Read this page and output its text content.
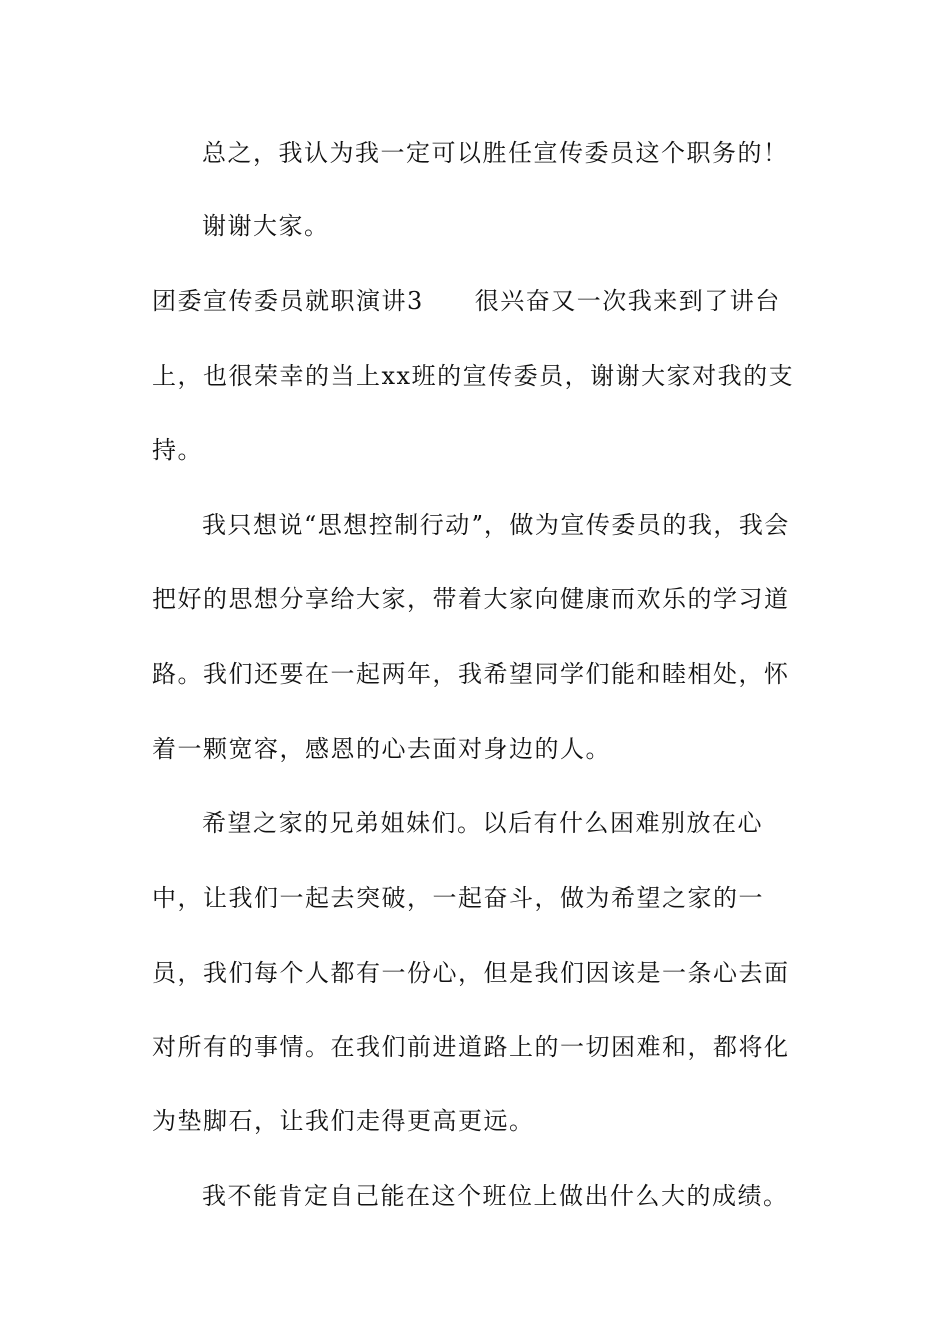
总之，我认为我一定可以胜任宣传委员这个职务的！
谢谢大家。
团委宣传委员就职演讲3　　很兴奋又一次我来到了讲台
上，也很荣幸的当上xx班的宣传委员，谢谢大家对我的支
持。
我只想说“思想控制行动ˮ，做为宣传委员的我，我会
把好的思想分享给大家，带着大家向健康而欢乐的学习道
路。我们还要在一起两年，我希望同学们能和睦相处，怀
着一颗宽容，感恩的心去面对身边的人。
希望之家的兄弟姐妹们。以后有什么困难别放在心
中，让我们一起去突破，一起奋斗，做为希望之家的一
员，我们每个人都有一份心，但是我们因该是一条心去面
对所有的事情。在我们前进道路上的一切困难和，都将化
为垫脚石，让我们走得更高更远。
我不能肯定自己能在这个班位上做出什么大的成绩。
